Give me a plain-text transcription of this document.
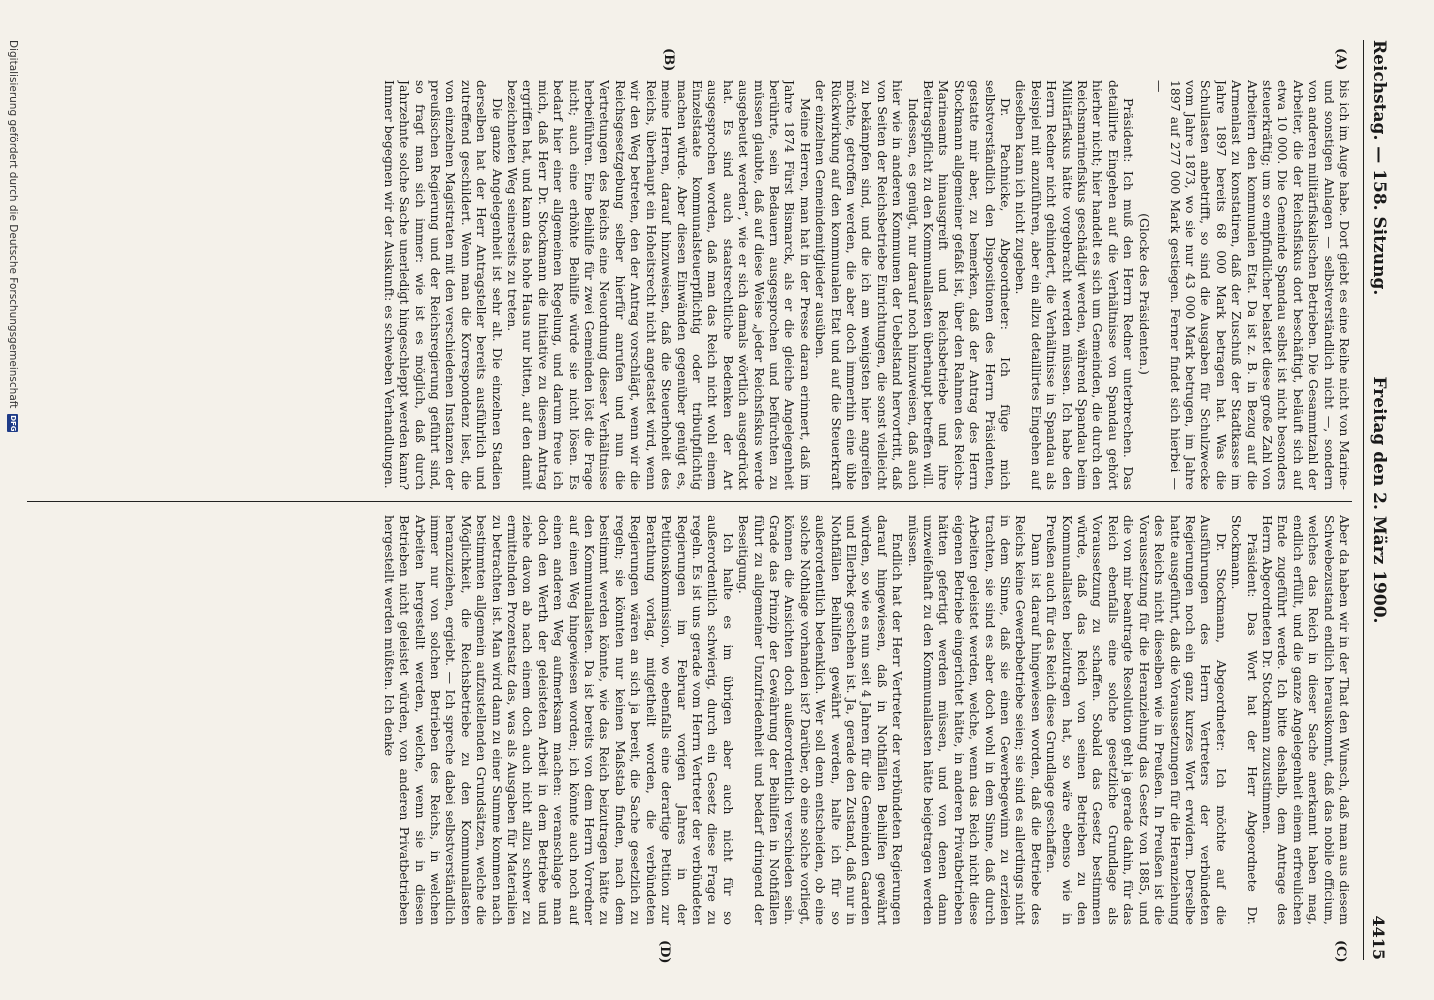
Reichstag. — 158. Sitzung.
Freitag den 2. März 1900.
4415
(A)
(B)
(C)
(D)

bis ich im Auge habe. Dort giebt es eine Reihe nicht von Marine- und sonstigen Anlagen — selbstverständlich nicht —, sondern von anderen militärfiskalischen Betrieben. Die Gesammtzahl der Arbeiter, die der Reichsfiskus dort beschäftigt, beläuft sich auf etwa 10 000. Die Gemeinde Spandau selbst ist nicht besonders steuerkräftig; um so empfindlicher belastet diese große Zahl von Arbeitern den kommunalen Etat. Da ist z. B. in Bezug auf die Armenlast zu konstatiren, daß der Zuschuß der Stadtkasse im Jahre 1897 bereits 68 000 Mark betragen hat. Was die Schullasten anbetrifft, so sind die Ausgaben für Schulzwecke vom Jahre 1873, wo sie nur 43 000 Mark betrugen, im Jahre 1897 auf 277 000 Mark gestiegen. Ferner findet sich hierbei — —

(Glocke des Präsidenten.)

Präsident: Ich muß den Herrn Redner unterbrechen. Das detaillirte Eingehen auf die Verhältnisse von Spandau gehört hierher nicht; hier handelt es sich um Gemeinden, die durch den Reichsmarinefiskus geschädigt werden, während Spandau beim Militärfiskus hätte vorgebracht werden müssen. Ich habe den Herrn Redner nicht gehindert, die Verhältnisse in Spandau als Beispiel mit anzuführen, aber ein allzu detaillirtes Eingehen auf dieselben kann ich nicht zugeben.

Dr. Pachnicke, Abgeordneter: Ich füge mich selbstverständlich den Dispositionen des Herrn Präsidenten, gestatte mir aber, zu bemerken, daß der Antrag des Herrn Stockmann allgemeiner gefaßt ist, über den Rahmen des Reichs-Marineamts hinausgreift und Reichsbetriebe und ihre Beitragspflicht zu den Kommunallasten überhaupt betreffen will.

Indessen, es genügt, nur darauf noch hinzuweisen, daß auch hier wie in anderen Kommunen der Uebelstand hervortritt, daß von Seiten der Reichsbetriebe Einrichtungen, die sonst vielleicht zu bekämpfen sind, und die ich am wenigsten hier angreifen möchte, getroffen werden, die aber doch immerhin eine üble Rückwirkung auf den kommunalen Etat und auf die Steuerkraft der einzelnen Gemeindemitglieder ausüben.

Meine Herren, man hat in der Presse daran erinnert, daß im Jahre 1874 Fürst Bismarck, als er die gleiche Angelegenheit berührte, sein Bedauern ausgesprochen und befürchten zu müssen glaubte, daß auf diese Weise „jeder Reichsfiskus werde ausgebeutet werden“, wie er sich damals wörtlich ausgedrückt hat. Es sind auch staatsrechtliche Bedenken der Art ausgesprochen worden, daß man das Reich nicht wohl einem Einzelstaate kommunalsteuerpflichtig oder tributpflichtig machen würde. Aber diesen Einwänden gegenüber genügt es, meine Herren, darauf hinzuweisen, daß die Steuerhoheit des Reichs, überhaupt ein Hoheitsrecht nicht angetastet wird, wenn wir den Weg betreten, den der Antrag vorschlägt, wenn wir die Reichsgesetzgebung selber hierfür anrufen und nun die Vertretungen des Reichs eine Neuordnung dieser Verhältnisse herbeiführen. Eine Beihilfe für zwei Gemeinden löst die Frage nicht; auch eine erhöhte Beihilfe würde sie nicht lösen. Es bedarf hier einer allgemeinen Regelung, und darum freue ich mich, daß Herr Dr. Stockmann die Initiative zu diesem Antrag ergriffen hat, und kann das hohe Haus nur bitten, auf den damit bezeichneten Weg seinerseits zu treten.

Die ganze Angelegenheit ist sehr alt. Die einzelnen Stadien derselben hat der Herr Antragsteller bereits ausführlich und zutreffend geschildert. Wenn man die Korrespondenz liest, die von einzelnen Magistraten mit den verschiedenen Instanzen der preußischen Regierung und der Reichsregierung geführt sind, so fragt man sich immer: wie ist es möglich, daß durch Jahrzehnte solche Sache unerledigt hingeschleppt werden kann? Immer begegnen wir der Auskunft: es schweben Verhandlungen.

Aber da haben wir in der That den Wunsch, daß man aus diesem Schwebezustand endlich herauskommt, daß das nobile officium, welches das Reich in dieser Sache anerkannt haben mag, endlich erfüllt, und die ganze Angelegenheit einem erfreulichen Ende zugeführt werde. Ich bitte deshalb, dem Antrage des Herrn Abgeordneten Dr. Stockmann zuzustimmen.

Präsident: Das Wort hat der Herr Abgeordnete Dr. Stockmann.

Dr. Stockmann, Abgeordneter: Ich möchte auf die Ausführungen des Herrn Vertreters der verbündeten Regierungen noch ein ganz kurzes Wort erwidern. Derselbe hatte ausgeführt, daß die Voraussetzungen für die Heranziehung des Reichs nicht dieselben wie in Preußen. In Preußen ist die Voraussetzung für die Heranziehung das Gesetz von 1885, und die von mir beantragte Resolution geht ja gerade dahin, für das Reich ebenfalls eine solche gesetzliche Grundlage als Voraussetzung zu schaffen. Sobald das Gesetz bestimmen würde, daß das Reich von seinen Betrieben zu den Kommunallasten beizutragen hat, so wäre ebenso wie in Preußen auch für das Reich diese Grundlage geschaffen.

Dann ist darauf hingewiesen worden, daß die Betriebe des Reichs keine Gewerbebetriebe seien; sie sind es allerdings nicht in dem Sinne, daß sie einen Gewerbegewinn zu erzielen trachten, sie sind es aber doch wohl in dem Sinne, daß durch Arbeiten geleistet werden, welche, wenn das Reich nicht diese eigenen Betriebe eingerichtet hätte, in anderen Privatbetrieben hätten gefertigt werden müssen, und von denen dann unzweifelhaft zu den Kommunallasten hätte beigetragen werden müssen.

Endlich hat der Herr Vertreter der verbündeten Regierungen darauf hingewiesen, daß in Nothfällen Beihilfen gewährt würden, so wie es nun seit 4 Jahren für die Gemeinden Gaarden und Ellerbek geschehen ist. Ja, gerade den Zustand, daß nur in Nothfällen Beihilfen gewährt werden, halte ich für so außerordentlich bedenklich. Wer soll denn entscheiden, ob eine solche Nothlage vorhanden ist? Darüber, ob eine solche vorliegt, können die Ansichten doch außerordentlich verschieden sein. Grade das Prinzip der Gewährung der Beihilfen in Nothfällen führt zu allgemeiner Unzufriedenheit und bedarf dringend der Beseitigung.

Ich halte es im übrigen aber auch nicht für so außerordentlich schwierig, durch ein Gesetz diese Frage zu regeln. Es ist uns gerade vom Herrn Vertreter der verbündeten Regierungen im Februar vorigen Jahres in der Petitionskommission, wo ebenfalls eine derartige Petition zur Berathung vorlag, mitgetheilt worden, die verbündeten Regierungen wären an sich ja bereit, die Sache gesetzlich zu regeln; sie könnten nur keinen Maßstab finden, nach dem bestimmt werden könnte, wie das Reich beizutragen hätte zu den Kommunallasten. Da ist bereits von dem Herrn Vorredner auf einen Weg hingewiesen worden; ich könnte auch noch auf einen anderen Weg aufmerksam machen: veranschlage man doch den Werth der geleisteten Arbeit in dem Betriebe und ziehe davon ab nach einem doch auch nicht allzu schwer zu ermittelnden Prozentsatz das, was als Ausgaben für Materialien zu betrachten ist. Man wird dann zu einer Summe kommen nach bestimmten allgemein aufzustellenden Grundsätzen, welche die Möglichkeit, die Reichsbetriebe zu den Kommunallasten heranzuziehen, ergiebt. — Ich spreche dabei selbstverständlich immer nur von solchen Betrieben des Reichs, in welchen Arbeiten hergestellt werden, welche, wenn sie in diesen Betrieben nicht geleistet würden, von anderen Privatbetrieben hergestellt werden müßten. Ich denke

Digitalisierung gefördert durch die Deutsche Forschungsgemeinschaft
DFG
